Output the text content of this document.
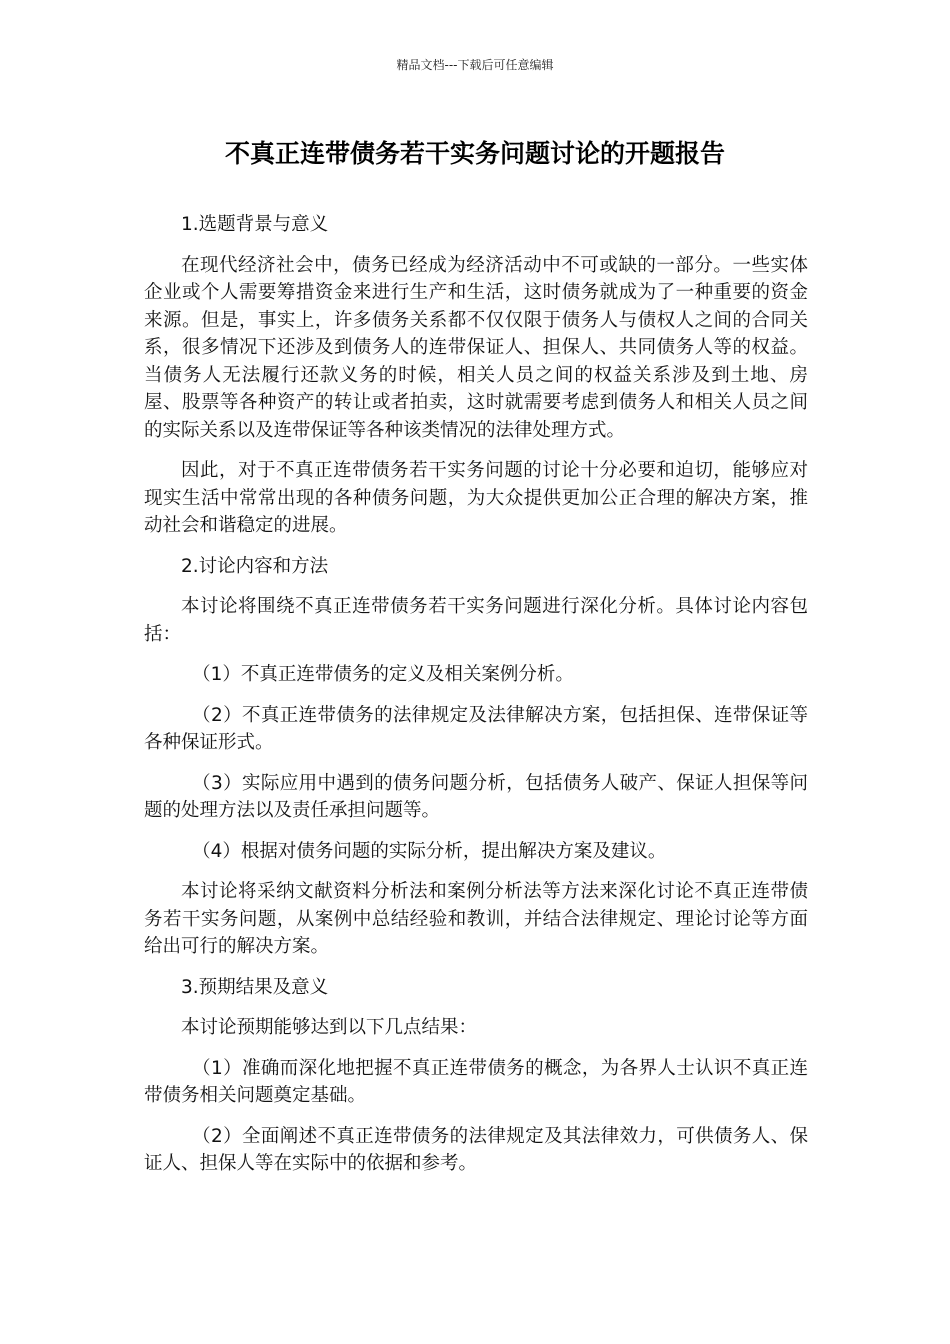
精品文档---下载后可任意编辑
不真正连带债务若干实务问题讨论的开题报告

1.选题背景与意义

在现代经济社会中，债务已经成为经济活动中不可或缺的一部分。一些实体企业或个人需要筹措资金来进行生产和生活，这时债务就成为了一种重要的资金来源。但是，事实上，许多债务关系都不仅仅限于债务人与债权人之间的合同关系，很多情况下还涉及到债务人的连带保证人、担保人、共同债务人等的权益。当债务人无法履行还款义务的时候，相关人员之间的权益关系涉及到土地、房屋、股票等各种资产的转让或者拍卖，这时就需要考虑到债务人和相关人员之间的实际关系以及连带保证等各种该类情况的法律处理方式。

因此，对于不真正连带债务若干实务问题的讨论十分必要和迫切，能够应对现实生活中常常出现的各种债务问题，为大众提供更加公正合理的解决方案，推动社会和谐稳定的进展。

2.讨论内容和方法

本讨论将围绕不真正连带债务若干实务问题进行深化分析。具体讨论内容包括：

（1）不真正连带债务的定义及相关案例分析。

（2）不真正连带债务的法律规定及法律解决方案，包括担保、连带保证等各种保证形式。

（3）实际应用中遇到的债务问题分析，包括债务人破产、保证人担保等问题的处理方法以及责任承担问题等。

（4）根据对债务问题的实际分析，提出解决方案及建议。

本讨论将采纳文献资料分析法和案例分析法等方法来深化讨论不真正连带债务若干实务问题，从案例中总结经验和教训，并结合法律规定、理论讨论等方面给出可行的解决方案。

3.预期结果及意义

本讨论预期能够达到以下几点结果：

（1）准确而深化地把握不真正连带债务的概念，为各界人士认识不真正连带债务相关问题奠定基础。

（2）全面阐述不真正连带债务的法律规定及其法律效力，可供债务人、保证人、担保人等在实际中的依据和参考。
